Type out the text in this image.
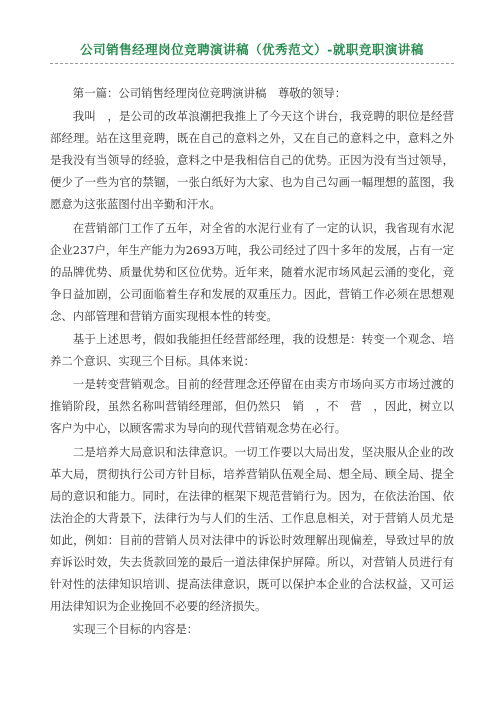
公司销售经理岗位竞聘演讲稿（优秀范文）-就职竞职演讲稿

第一篇：公司销售经理岗位竞聘演讲稿　尊敬的领导：

我叫　，是公司的改革浪潮把我推上了今天这个讲台，我竞聘的职位是经营部经理。站在这里竞聘，既在自己的意料之外，又在自己的意料之中，意料之外是我没有当领导的经验，意料之中是我相信自己的优势。正因为没有当过领导，便少了一些为官的禁锢，一张白纸好为大家、也为自己勾画一幅理想的蓝图，我愿意为这张蓝图付出辛勤和汗水。

在营销部门工作了五年，对全省的水泥行业有了一定的认识，我省现有水泥企业237户，年生产能力为2693万吨，我公司经过了四十多年的发展，占有一定的品牌优势、质量优势和区位优势。近年来，随着水泥市场风起云涌的变化，竞争日益加剧，公司面临着生存和发展的双重压力。因此，营销工作必须在思想观念、内部管理和营销方面实现根本性的转变。

基于上述思考，假如我能担任经营部经理，我的设想是：转变一个观念、培养二个意识、实现三个目标。具体来说：

一是转变营销观念。目前的经营理念还停留在由卖方市场向买方市场过渡的推销阶段，虽然名称叫营销经理部，但仍然只　销　，不　营　，因此，树立以客户为中心，以顾客需求为导向的现代营销观念势在必行。

二是培养大局意识和法律意识。一切工作要以大局出发，坚决服从企业的改革大局，贯彻执行公司方针目标，培养营销队伍观全局、想全局、顾全局、提全局的意识和能力。同时，在法律的框架下规范营销行为。因为，在依法治国、依法治企的大背景下，法律行为与人们的生活、工作息息相关，对于营销人员尤是如此，例如：目前的营销人员对法律中的诉讼时效理解出现偏差，导致过早的放弃诉讼时效，失去货款回笼的最后一道法律保护屏障。所以，对营销人员进行有针对性的法律知识培训、提高法律意识，既可以保护本企业的合法权益，又可运用法律知识为企业挽回不必要的经济损失。

实现三个目标的内容是：
